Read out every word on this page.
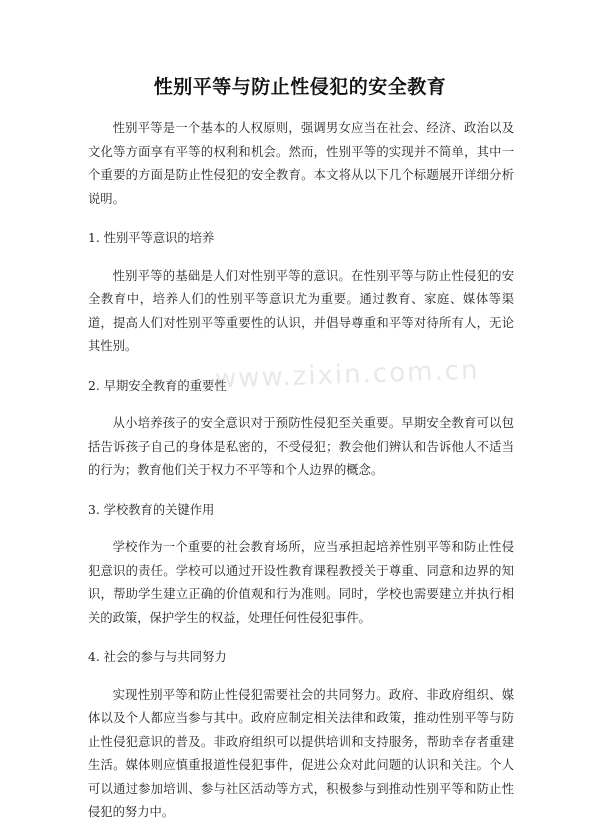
性别平等与防止性侵犯的安全教育

性别平等是一个基本的人权原则，强调男女应当在社会、经济、政治以及文化等方面享有平等的权利和机会。然而，性别平等的实现并不简单，其中一个重要的方面是防止性侵犯的安全教育。本文将从以下几个标题展开详细分析说明。

1. 性别平等意识的培养

性别平等的基础是人们对性别平等的意识。在性别平等与防止性侵犯的安全教育中，培养人们的性别平等意识尤为重要。通过教育、家庭、媒体等渠道，提高人们对性别平等重要性的认识，并倡导尊重和平等对待所有人，无论其性别。

2. 早期安全教育的重要性

从小培养孩子的安全意识对于预防性侵犯至关重要。早期安全教育可以包括告诉孩子自己的身体是私密的，不受侵犯；教会他们辨认和告诉他人不适当的行为；教育他们关于权力不平等和个人边界的概念。

3. 学校教育的关键作用

学校作为一个重要的社会教育场所，应当承担起培养性别平等和防止性侵犯意识的责任。学校可以通过开设性教育课程教授关于尊重、同意和边界的知识，帮助学生建立正确的价值观和行为准则。同时，学校也需要建立并执行相关的政策，保护学生的权益，处理任何性侵犯事件。

4. 社会的参与与共同努力

实现性别平等和防止性侵犯需要社会的共同努力。政府、非政府组织、媒体以及个人都应当参与其中。政府应制定相关法律和政策，推动性别平等与防止性侵犯意识的普及。非政府组织可以提供培训和支持服务，帮助幸存者重建生活。媒体则应慎重报道性侵犯事件，促进公众对此问题的认识和关注。个人可以通过参加培训、参与社区活动等方式，积极参与到推动性别平等和防止性侵犯的努力中。

www.zixin.com.cn
